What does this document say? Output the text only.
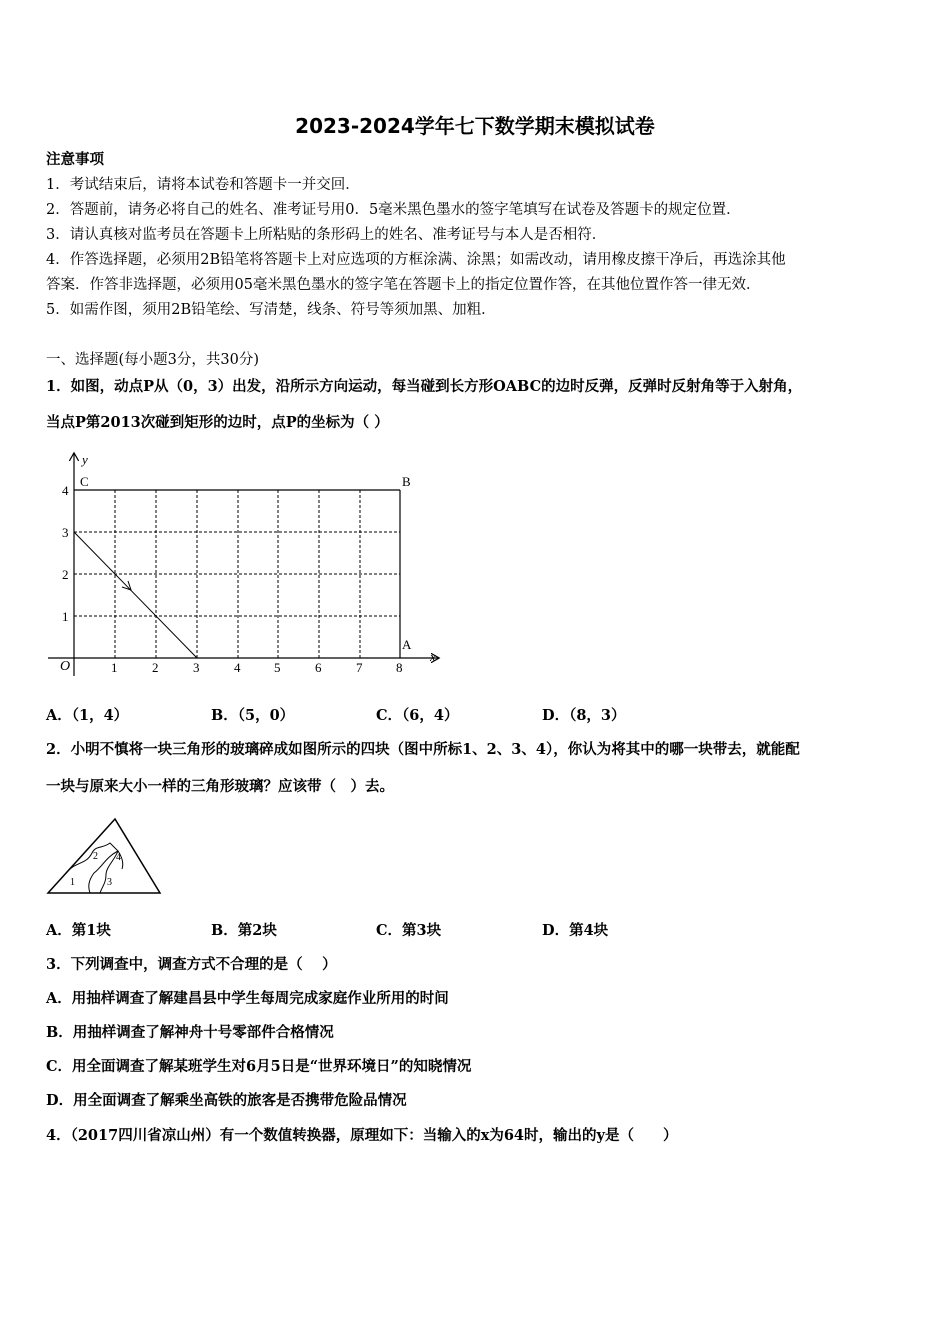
2023-2024学年七下数学期末模拟试卷
注意事项
1．考试结束后，请将本试卷和答题卡一并交回．
2．答题前，请务必将自己的姓名、准考证号用0．5毫米黑色墨水的签字笔填写在试卷及答题卡的规定位置．
3．请认真核对监考员在答题卡上所粘贴的条形码上的姓名、准考证号与本人是否相符．
4．作答选择题，必须用2B铅笔将答题卡上对应选项的方框涂满、涂黑；如需改动，请用橡皮擦干净后，再选涂其他
答案．作答非选择题，必须用05毫米黑色墨水的签字笔在答题卡上的指定位置作答，在其他位置作答一律无效．
5．如需作图，须用2B铅笔绘、写清楚，线条、符号等须加黑、加粗．
一、选择题(每小题3分，共30分)
1．如图，动点P从（0，3）出发，沿所示方向运动，每当碰到长方形OABC的边时反弹，反弹时反射角等于入射角，
当点P第2013次碰到矩形的边时，点P的坐标为（ ）
y
x
O
C	B
A
4
3
2
1
1	2	3	4	5	6	7	8
A．（1，4）	B．（5，0）	C．（6，4）	D．（8，3）
2．小明不慎将一块三角形的玻璃碎成如图所示的四块（图中所标1、2、3、4），你认为将其中的哪一块带去，就能配
一块与原来大小一样的三角形玻璃？应该带（　）去。
1
2
3
4
A．第1块	B．第2块	C．第3块	D．第4块
3．下列调查中，调查方式不合理的是（　 ）
A．用抽样调查了解建昌县中学生每周完成家庭作业所用的时间
B．用抽样调查了解神舟十号零部件合格情况
C．用全面调查了解某班学生对6月5日是“世界环境日”的知晓情况
D．用全面调查了解乘坐高铁的旅客是否携带危险品情况
4．（2017四川省凉山州）有一个数值转换器，原理如下：当输入的x为64时，输出的y是（　　）
